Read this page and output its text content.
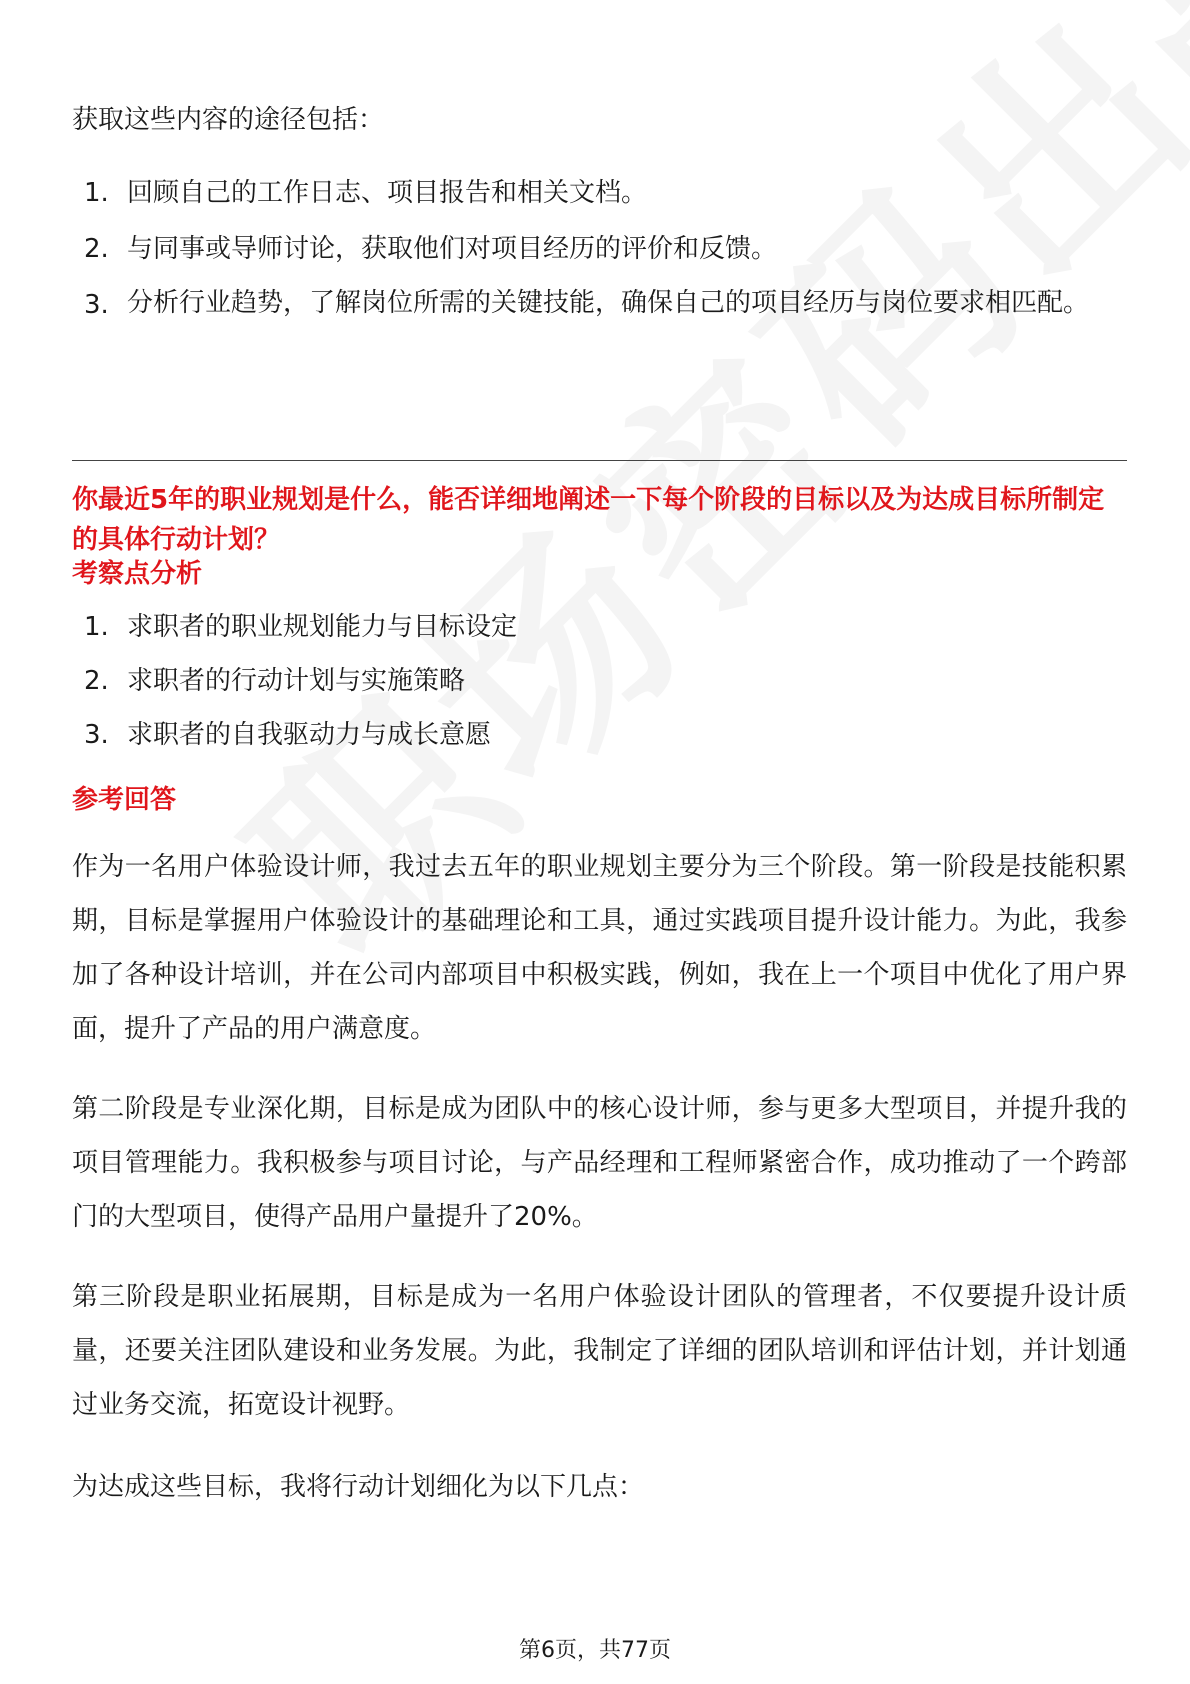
获取这些内容的途径包括：
1. 回顾自己的工作日志、项目报告和相关文档。
2. 与同事或导师讨论，获取他们对项目经历的评价和反馈。
3. 分析行业趋势，了解岗位所需的关键技能，确保自己的项目经历与岗位要求相匹配。
你最近5年的职业规划是什么，能否详细地阐述一下每个阶段的目标以及为达成目标所制定的具体行动计划？
考察点分析
1. 求职者的职业规划能力与目标设定
2. 求职者的行动计划与实施策略
3. 求职者的自我驱动力与成长意愿
参考回答
作为一名用户体验设计师，我过去五年的职业规划主要分为三个阶段。第一阶段是技能积累期，目标是掌握用户体验设计的基础理论和工具，通过实践项目提升设计能力。为此，我参加了各种设计培训，并在公司内部项目中积极实践，例如，我在上一个项目中优化了用户界面，提升了产品的用户满意度。
第二阶段是专业深化期，目标是成为团队中的核心设计师，参与更多大型项目，并提升我的项目管理能力。我积极参与项目讨论，与产品经理和工程师紧密合作，成功推动了一个跨部门的大型项目，使得产品用户量提升了20%。
第三阶段是职业拓展期，目标是成为一名用户体验设计团队的管理者，不仅要提升设计质量，还要关注团队建设和业务发展。为此，我制定了详细的团队培训和评估计划，并计划通过业务交流，拓宽设计视野。
为达成这些目标，我将行动计划细化为以下几点：
第6页，共77页
